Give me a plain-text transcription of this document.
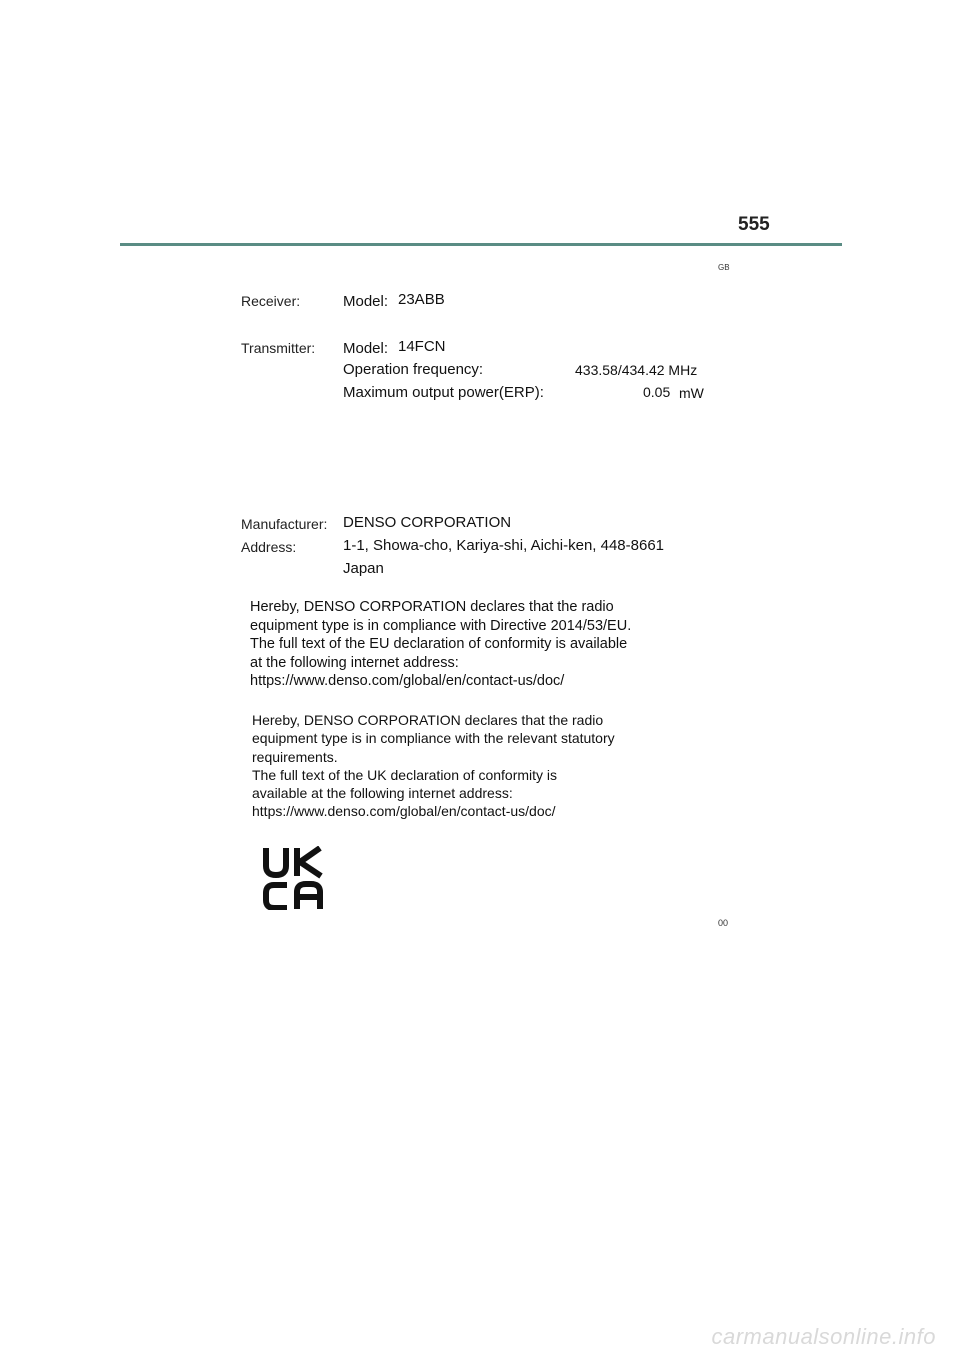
555
GB
Receiver:	Model: 23ABB
Transmitter: Model: 14FCN
Operation frequency:	433.58/434.42 MHz
Maximum output power(ERP):	0.05 mW
Manufacturer: DENSO CORPORATION
Address:	1-1, Showa-cho, Kariya-shi, Aichi-ken, 448-8661
Japan
Hereby, DENSO CORPORATION declares that the radio
equipment type is in compliance with Directive 2014/53/EU.
The full text of the EU declaration of conformity is available
at the following internet address:
https://www.denso.com/global/en/contact-us/doc/
Hereby, DENSO CORPORATION declares that the radio
equipment type is in compliance with the relevant statutory
requirements.
The full text of the UK declaration of conformity is
available at the following internet address:
https://www.denso.com/global/en/contact-us/doc/
00
carmanualsonline.info
